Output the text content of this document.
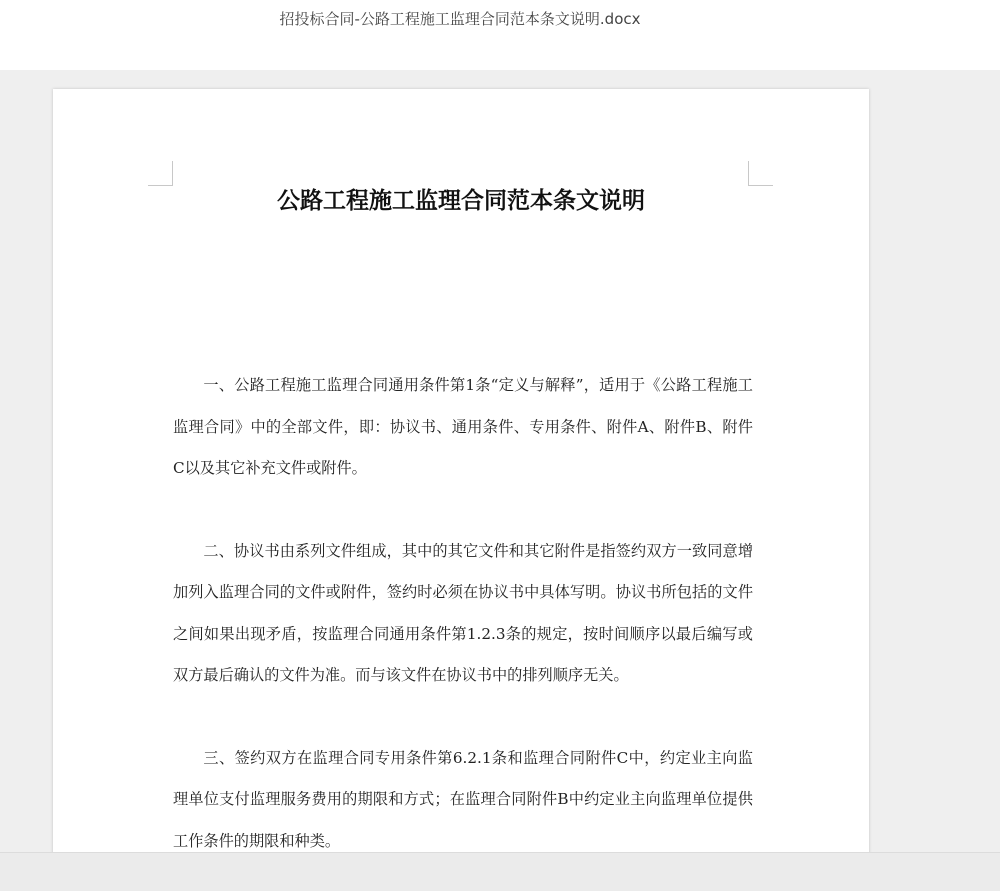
招投标合同-公路工程施工监理合同范本条文说明.docx
公路工程施工监理合同范本条文说明

一、公路工程施工监理合同通用条件第1条“定义与解释”，适用于《公路工程施工监理合同》中的全部文件，即：协议书、通用条件、专用条件、附件A、附件B、附件C以及其它补充文件或附件。

二、协议书由系列文件组成，其中的其它文件和其它附件是指签约双方一致同意增加列入监理合同的文件或附件，签约时必须在协议书中具体写明。协议书所包括的文件之间如果出现矛盾，按监理合同通用条件第1.2.3条的规定，按时间顺序以最后编写或双方最后确认的文件为准。而与该文件在协议书中的排列顺序无关。

三、签约双方在监理合同专用条件第6.2.1条和监理合同附件C中，约定业主向监理单位支付监理服务费用的期限和方式；在监理合同附件B中约定业主向监理单位提供工作条件的期限和种类。
